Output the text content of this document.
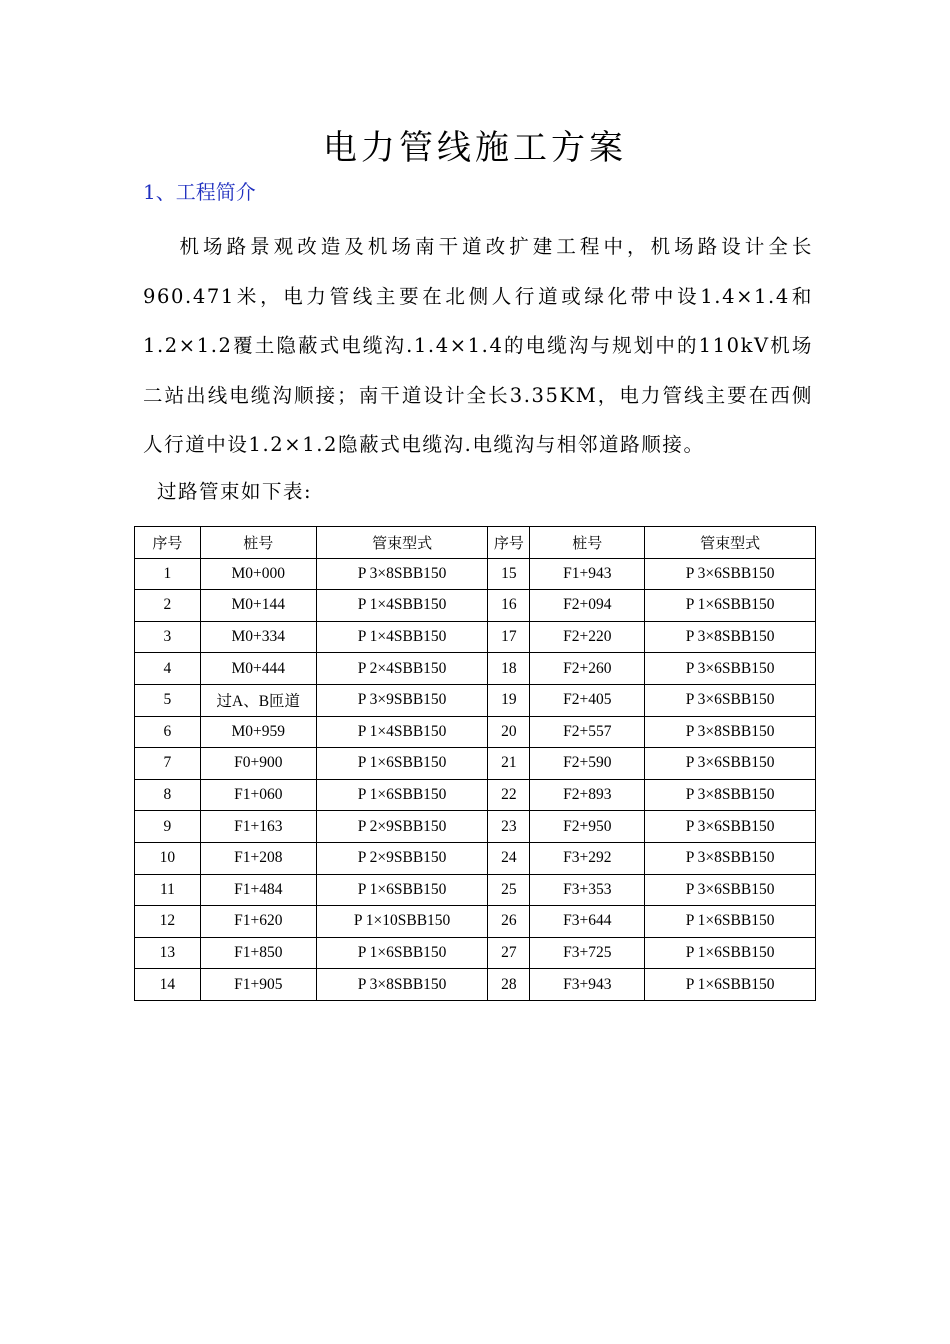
电力管线施工方案
1、工程简介
机场路景观改造及机场南干道改扩建工程中，机场路设计全长960.471米，电力管线主要在北侧人行道或绿化带中设1.4×1.4和1.2×1.2覆土隐蔽式电缆沟.1.4×1.4的电缆沟与规划中的110kV机场二站出线电缆沟顺接；南干道设计全长3.35KM，电力管线主要在西侧人行道中设1.2×1.2隐蔽式电缆沟.电缆沟与相邻道路顺接。
过路管束如下表:
序号	桩号	管束型式	序号	桩号	管束型式
1	M0+000	P 3×8SBB150	15	F1+943	P 3×6SBB150
2	M0+144	P 1×4SBB150	16	F2+094	P 1×6SBB150
3	M0+334	P 1×4SBB150	17	F2+220	P 3×8SBB150
4	M0+444	P 2×4SBB150	18	F2+260	P 3×6SBB150
5	过A、B匝道	P 3×9SBB150	19	F2+405	P 3×6SBB150
6	M0+959	P 1×4SBB150	20	F2+557	P 3×8SBB150
7	F0+900	P 1×6SBB150	21	F2+590	P 3×6SBB150
8	F1+060	P 1×6SBB150	22	F2+893	P 3×8SBB150
9	F1+163	P 2×9SBB150	23	F2+950	P 3×6SBB150
10	F1+208	P 2×9SBB150	24	F3+292	P 3×8SBB150
11	F1+484	P 1×6SBB150	25	F3+353	P 3×6SBB150
12	F1+620	P 1×10SBB150	26	F3+644	P 1×6SBB150
13	F1+850	P 1×6SBB150	27	F3+725	P 1×6SBB150
14	F1+905	P 3×8SBB150	28	F3+943	P 1×6SBB150
